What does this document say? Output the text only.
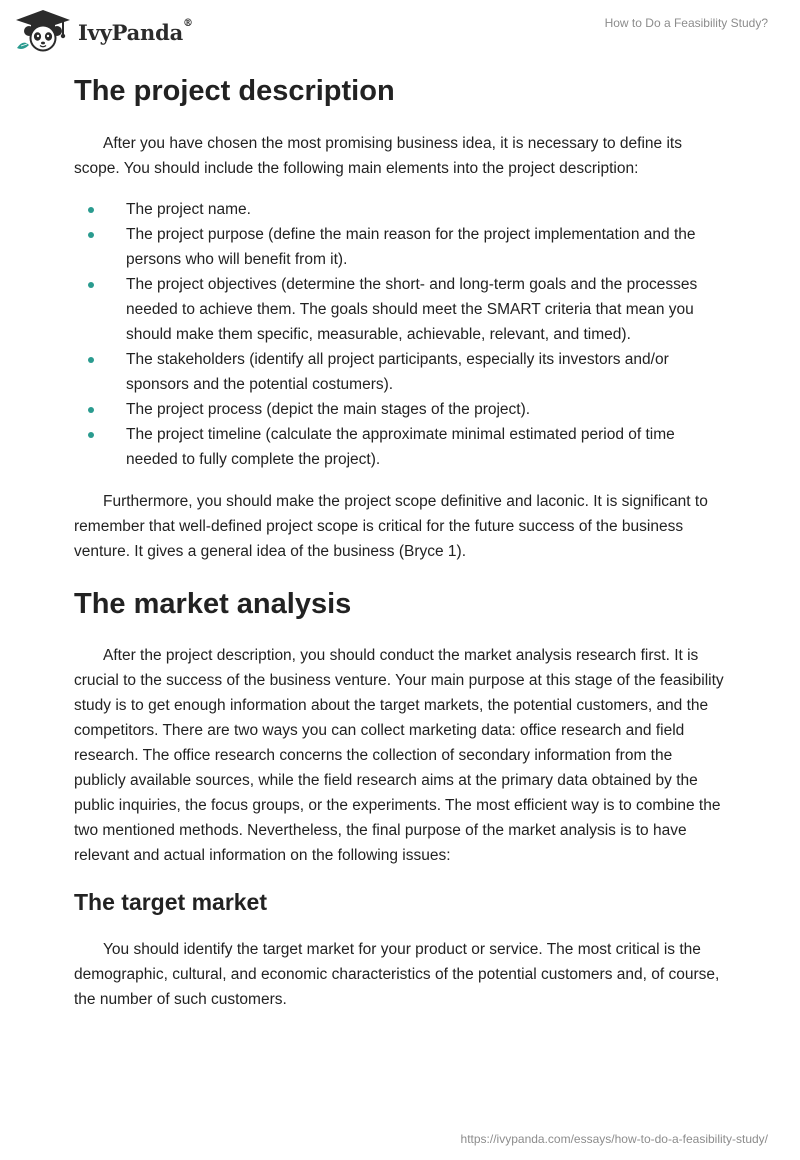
IvyPanda®	How to Do a Feasibility Study?
The project description

After you have chosen the most promising business idea, it is necessary to define its scope. You should include the following main elements into the project description:

The project name.
The project purpose (define the main reason for the project implementation and the persons who will benefit from it).
The project objectives (determine the short- and long-term goals and the processes needed to achieve them. The goals should meet the SMART criteria that mean you should make them specific, measurable, achievable, relevant, and timed).
The stakeholders (identify all project participants, especially its investors and/or sponsors and the potential costumers).
The project process (depict the main stages of the project).
The project timeline (calculate the approximate minimal estimated period of time needed to fully complete the project).

Furthermore, you should make the project scope definitive and laconic. It is significant to remember that well-defined project scope is critical for the future success of the business venture. It gives a general idea of the business (Bryce 1).

The market analysis

After the project description, you should conduct the market analysis research first. It is crucial to the success of the business venture. Your main purpose at this stage of the feasibility study is to get enough information about the target markets, the potential customers, and the competitors. There are two ways you can collect marketing data: office research and field research. The office research concerns the collection of secondary information from the publicly available sources, while the field research aims at the primary data obtained by the public inquiries, the focus groups, or the experiments. The most efficient way is to combine the two mentioned methods. Nevertheless, the final purpose of the market analysis is to have relevant and actual information on the following issues:

The target market

You should identify the target market for your product or service. The most critical is the demographic, cultural, and economic characteristics of the potential customers and, of course, the number of such customers.

https://ivypanda.com/essays/how-to-do-a-feasibility-study/
